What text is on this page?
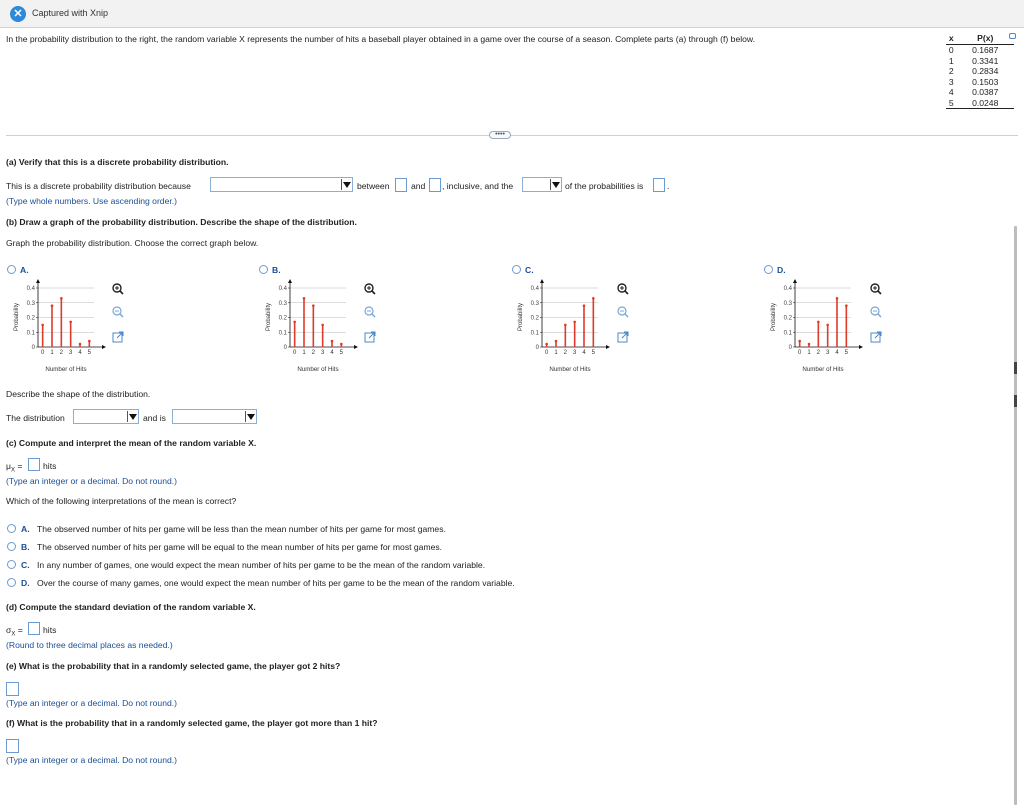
✕	Captured with Xnip
In the probability distribution to the right, the random variable X represents the number of hits a baseball player obtained in a game over the course of a season. Complete parts (a) through (f) below.	x	P(x)
0	0.1687
1	0.3341
2	0.2834
3	0.1503
4	0.0387
5	0.0248
••••
(a) Verify that this is a discrete probability distribution.
This is a discrete probability distribution because	between	and , inclusive, and the	of the probabilities is	.
(Type whole numbers. Use ascending order.)
(b) Draw a graph of the probability distribution. Describe the shape of the distribution.
Graph the probability distribution. Choose the correct graph below.
A.	B.	C.	D.
Probability
0.4
0.3
0.2
0.1
0
0 1 2 3 4 5
Number of Hits
Probability
0.4
0.3
0.2
0.1
0
0 1 2 3 4 5
Number of Hits
Probability
0.4
0.3
0.2
0.1
0
0 1 2 3 4 5
Number of Hits
Probability
0.4
0.3
0.2
0.1
0
0 1 2 3 4 5
Number of Hits
Describe the shape of the distribution.
The distribution	and is
(c) Compute and interpret the mean of the random variable X.
$\mu_X$ = hits
(Type an integer or a decimal. Do not round.)
Which of the following interpretations of the mean is correct?
A. The observed number of hits per game will be less than the mean number of hits per game for most games.
B. The observed number of hits per game will be equal to the mean number of hits per game for most games.
C. In any number of games, one would expect the mean number of hits per game to be the mean of the random variable.
D. Over the course of many games, one would expect the mean number of hits per game to be the mean of the random variable.
(d) Compute the standard deviation of the random variable X.
$\sigma_X$ = hits
(Round to three decimal places as needed.)
(e) What is the probability that in a randomly selected game, the player got 2 hits?
(Type an integer or a decimal. Do not round.)
(f) What is the probability that in a randomly selected game, the player got more than 1 hit?
(Type an integer or a decimal. Do not round.)
